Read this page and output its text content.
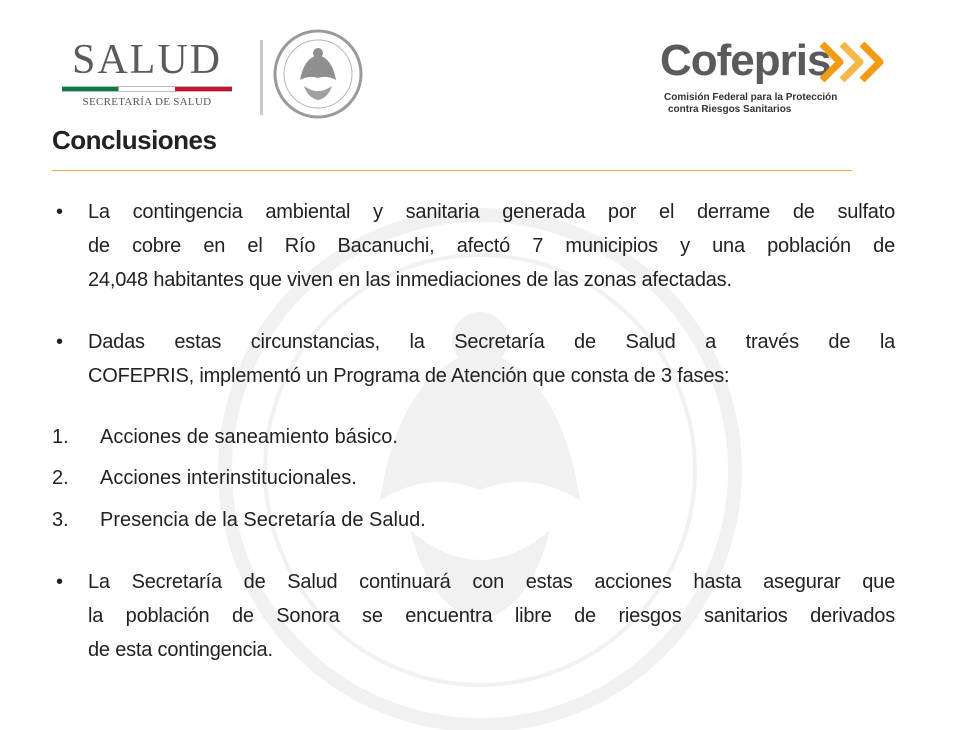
SALUD
SECRETARÍA DE SALUD
Cofepris
Comisión Federal para la Protección
contra Riesgos Sanitarios
Conclusiones
• La contingencia ambiental y sanitaria generada por el derrame de sulfato
de cobre en el Río Bacanuchi, afectó 7 municipios y una población de
24,048 habitantes que viven en las inmediaciones de las zonas afectadas.
• Dadas estas circunstancias, la Secretaría de Salud a través de la
COFEPRIS, implementó un Programa de Atención que consta de 3 fases:
1. Acciones de saneamiento básico.
2. Acciones interinstitucionales.
3. Presencia de la Secretaría de Salud.
• La Secretaría de Salud continuará con estas acciones hasta asegurar que
la población de Sonora se encuentra libre de riesgos sanitarios derivados
de esta contingencia.
